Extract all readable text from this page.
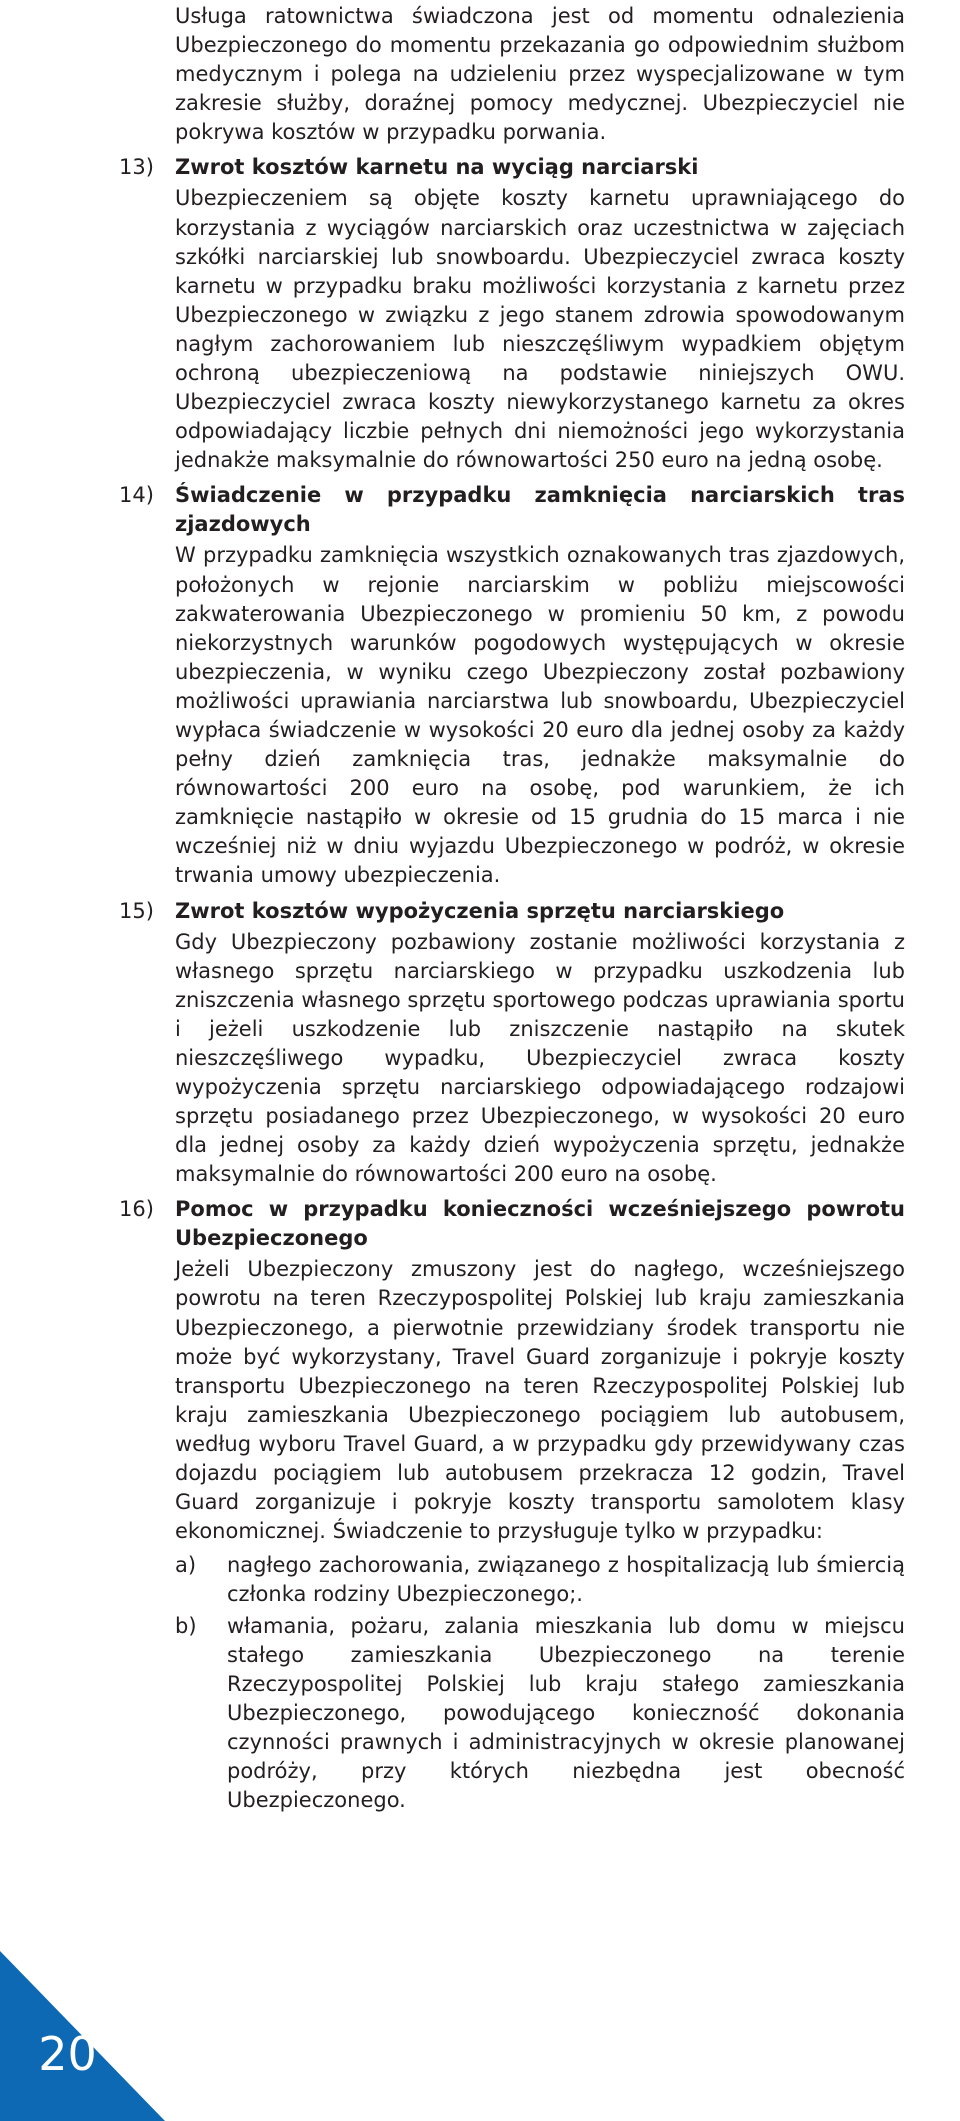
Usługa ratownictwa świadczona jest od momentu odnalezienia Ubezpieczonego do momentu przekazania go odpowiednim służbom medycznym i polega na udzieleniu przez wyspecjalizowane w tym zakresie służby, doraźnej pomocy medycznej. Ubezpieczyciel nie pokrywa kosztów w przypadku porwania.

13) Zwrot kosztów karnetu na wyciąg narciarski

Ubezpieczeniem są objęte koszty karnetu uprawniającego do korzystania z wyciągów narciarskich oraz uczestnictwa w zajęciach szkółki narciarskiej lub snowboardu. Ubezpieczyciel zwraca koszty karnetu w przypadku braku możliwości korzystania z karnetu przez Ubezpieczonego w związku z jego stanem zdrowia spowodowanym nagłym zachorowaniem lub nieszczęśliwym wypadkiem objętym ochroną ubezpieczeniową na podstawie niniejszych OWU. Ubezpieczyciel zwraca koszty niewykorzystanego karnetu za okres odpowiadający liczbie pełnych dni niemożności jego wykorzystania jednakże maksymalnie do równowartości 250 euro na jedną osobę.

14) Świadczenie w przypadku zamknięcia narciarskich tras zjazdowych

W przypadku zamknięcia wszystkich oznakowanych tras zjazdowych, położonych w rejonie narciarskim w pobliżu miejscowości zakwaterowania Ubezpieczonego w promieniu 50 km, z powodu niekorzystnych warunków pogodowych występujących w okresie ubezpieczenia, w wyniku czego Ubezpieczony został pozbawiony możliwości uprawiania narciarstwa lub snowboardu, Ubezpieczyciel wypłaca świadczenie w wysokości 20 euro dla jednej osoby za każdy pełny dzień zamknięcia tras, jednakże maksymalnie do równowartości 200 euro na osobę, pod warunkiem, że ich zamknięcie nastąpiło w okresie od 15 grudnia do 15 marca i nie wcześniej niż w dniu wyjazdu Ubezpieczonego w podróż, w okresie trwania umowy ubezpieczenia.

15) Zwrot kosztów wypożyczenia sprzętu narciarskiego

Gdy Ubezpieczony pozbawiony zostanie możliwości korzystania z własnego sprzętu narciarskiego w przypadku uszkodzenia lub zniszczenia własnego sprzętu sportowego podczas uprawiania sportu i jeżeli uszkodzenie lub zniszczenie nastąpiło na skutek nieszczęśliwego wypadku, Ubezpieczyciel zwraca koszty wypożyczenia sprzętu narciarskiego odpowiadającego rodzajowi sprzętu posiadanego przez Ubezpieczonego, w wysokości 20 euro dla jednej osoby za każdy dzień wypożyczenia sprzętu, jednakże maksymalnie do równowartości 200 euro na osobę.

16) Pomoc w przypadku konieczności wcześniejszego powrotu Ubezpieczonego

Jeżeli Ubezpieczony zmuszony jest do nagłego, wcześniejszego powrotu na teren Rzeczypospolitej Polskiej lub kraju zamieszkania Ubezpieczonego, a pierwotnie przewidziany środek transportu nie może być wykorzystany, Travel Guard zorganizuje i pokryje koszty transportu Ubezpieczonego na teren Rzeczypospolitej Polskiej lub kraju zamieszkania Ubezpieczonego pociągiem lub autobusem, według wyboru Travel Guard, a w przypadku gdy przewidywany czas dojazdu pociągiem lub autobusem przekracza 12 godzin, Travel Guard zorganizuje i pokryje koszty transportu samolotem klasy ekonomicznej. Świadczenie to przysługuje tylko w przypadku:

a)	nagłego zachorowania, związanego z hospitalizacją lub śmiercią członka rodziny Ubezpieczonego;.
b)	włamania, pożaru, zalania mieszkania lub domu w miejscu stałego zamieszkania Ubezpieczonego na terenie Rzeczypospolitej Polskiej lub kraju stałego zamieszkania Ubezpieczonego, powodującego konieczność dokonania czynności prawnych i administracyjnych w okresie planowanej podróży, przy których niezbędna jest obecność Ubezpieczonego.
20
